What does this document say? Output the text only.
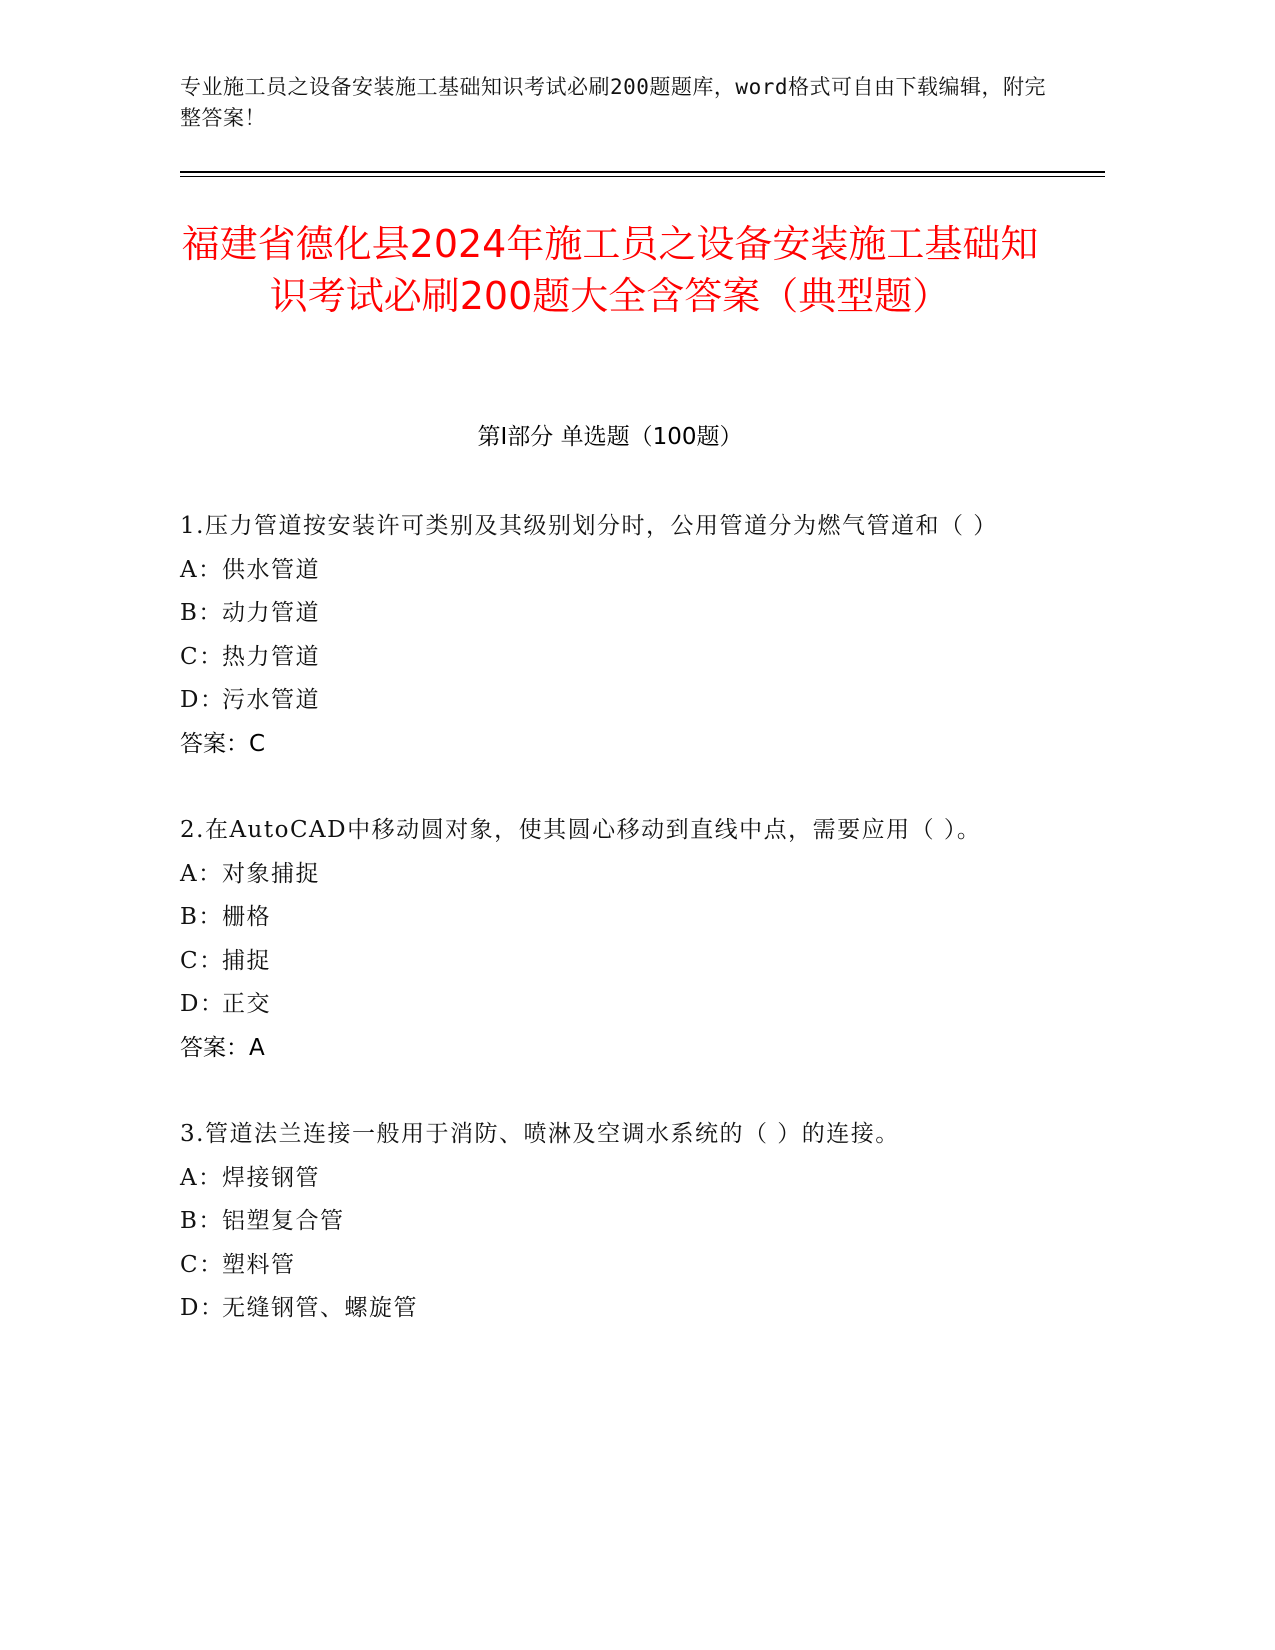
专业施工员之设备安装施工基础知识考试必刷200题题库，word格式可自由下载编辑，附完整答案！
福建省德化县2024年施工员之设备安装施工基础知识考试必刷200题大全含答案（典型题）
第Ⅰ部分 单选题（100题）
1.压力管道按安装许可类别及其级别划分时，公用管道分为燃气管道和（ ）
A：供水管道
B：动力管道
C：热力管道
D：污水管道
答案：C
2.在AutoCAD中移动圆对象，使其圆心移动到直线中点，需要应用（ ）。
A：对象捕捉
B：栅格
C：捕捉
D：正交
答案：A
3.管道法兰连接一般用于消防、喷淋及空调水系统的（ ）的连接。
A：焊接钢管
B：铝塑复合管
C：塑料管
D：无缝钢管、螺旋管
